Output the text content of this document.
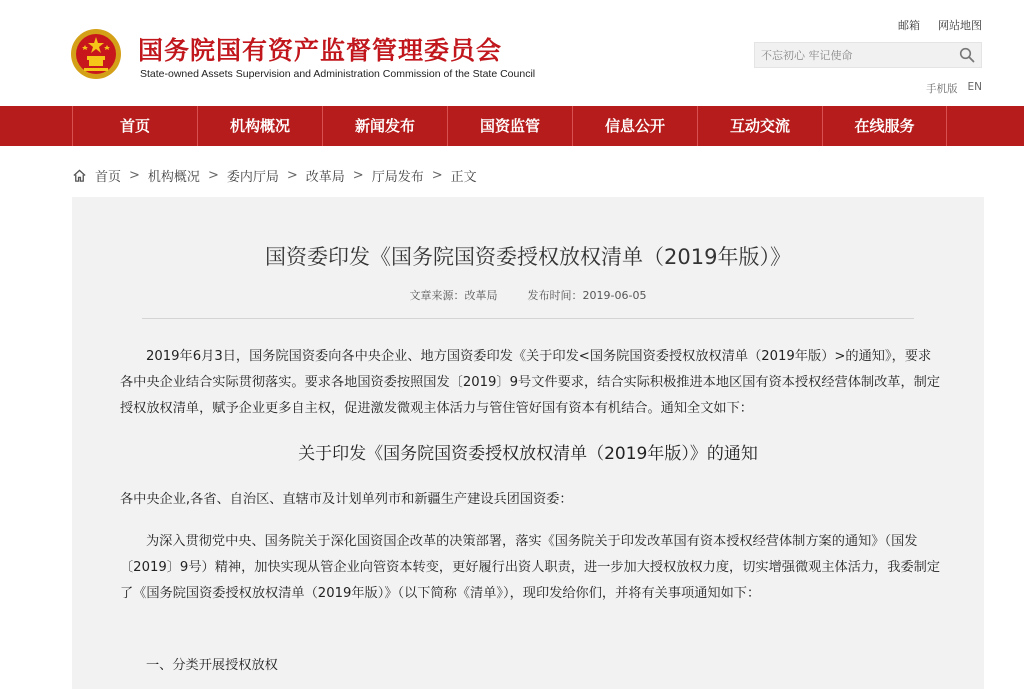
国务院国有资产监督管理委员会
State-owned Assets Supervision and Administration Commission of the State Council
邮箱 网站地图
不忘初心 牢记使命
手机版 EN
首页	机构概况	新闻发布	国资监管	信息公开	互动交流	在线服务
首页 > 机构概况 > 委内厅局 > 改革局 > 厅局发布 > 正文
国资委印发《国务院国资委授权放权清单（2019年版）》
文章来源：改革局	发布时间：2019-06-05
2019年6月3日，国务院国资委向各中央企业、地方国资委印发《关于印发<国务院国资委授权放权清单（2019年版）>的通知》，要求各中央企业结合实际贯彻落实。要求各地国资委按照国发〔2019〕9号文件要求，结合实际积极推进本地区国有资本授权经营体制改革，制定授权放权清单，赋予企业更多自主权，促进激发微观主体活力与管住管好国有资本有机结合。通知全文如下：
关于印发《国务院国资委授权放权清单（2019年版）》的通知
各中央企业,各省、自治区、直辖市及计划单列市和新疆生产建设兵团国资委：
为深入贯彻党中央、国务院关于深化国资国企改革的决策部署，落实《国务院关于印发改革国有资本授权经营体制方案的通知》（国发〔2019〕9号）精神，加快实现从管企业向管资本转变，更好履行出资人职责，进一步加大授权放权力度，切实增强微观主体活力，我委制定了《国务院国资委授权放权清单（2019年版）》（以下简称《清单》），现印发给你们，并将有关事项通知如下：
一、分类开展授权放权
